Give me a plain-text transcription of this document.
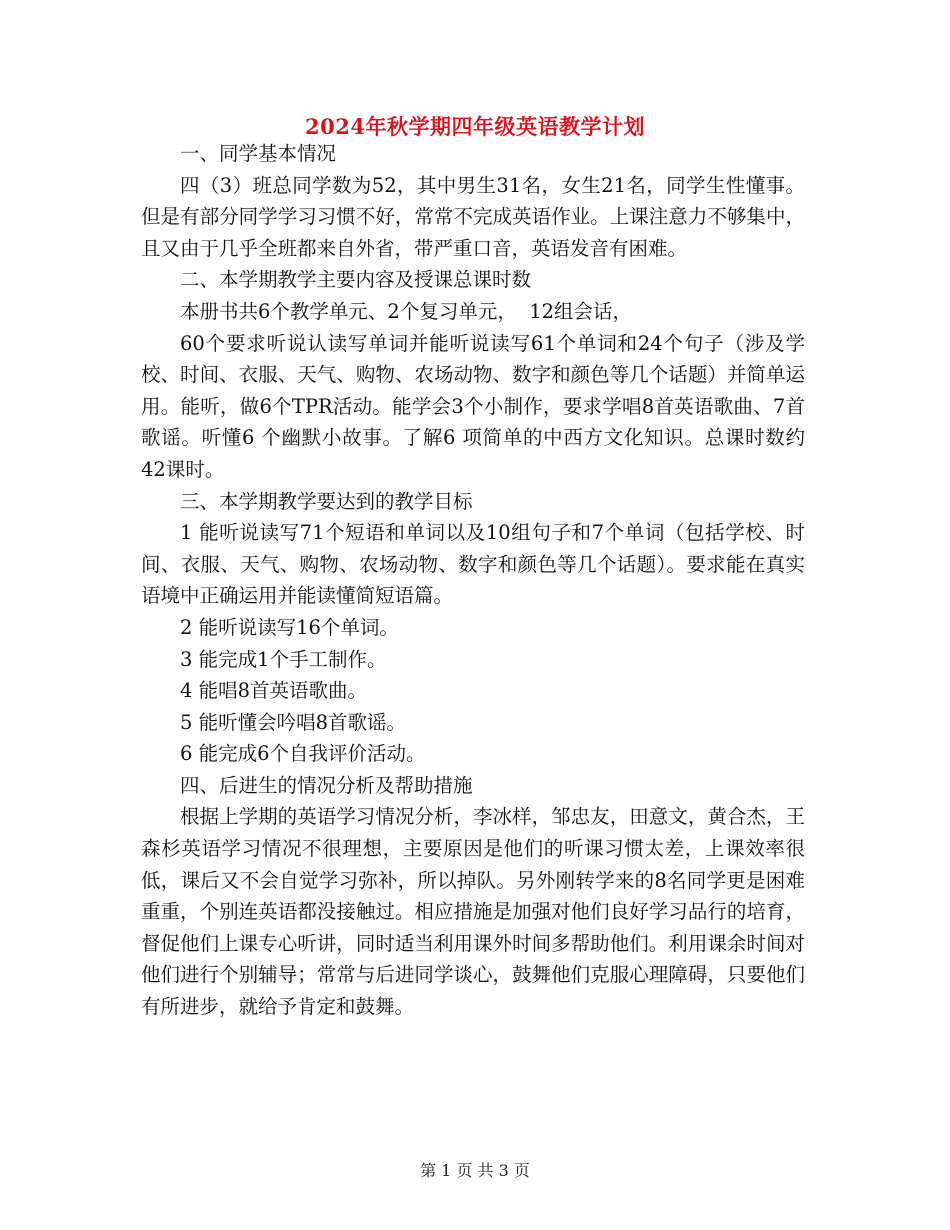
2024年秋学期四年级英语教学计划

一、同学基本情况

四（3）班总同学数为52，其中男生31名，女生21名，同学生性懂事。但是有部分同学学习习惯不好，常常不完成英语作业。上课注意力不够集中，且又由于几乎全班都来自外省，带严重口音，英语发音有困难。

二、本学期教学主要内容及授课总课时数

本册书共6个教学单元、2个复习单元，  12组会话，

60个要求听说认读写单词并能听说读写61个单词和24个句子（涉及学校、时间、衣服、天气、购物、农场动物、数字和颜色等几个话题）并简单运用。能听，做6个TPR活动。能学会3个小制作，要求学唱8首英语歌曲、7首歌谣。听懂6 个幽默小故事。了解6 项简单的中西方文化知识。总课时数约42课时。

三、本学期教学要达到的教学目标

1 能听说读写71个短语和单词以及10组句子和7个单词（包括学校、时间、衣服、天气、购物、农场动物、数字和颜色等几个话题）。要求能在真实语境中正确运用并能读懂简短语篇。

2 能听说读写16个单词。

3 能完成1个手工制作。

4 能唱8首英语歌曲。

5 能听懂会吟唱8首歌谣。

6 能完成6个自我评价活动。

四、后进生的情况分析及帮助措施

根据上学期的英语学习情况分析，李冰样，邹忠友，田意文，黄合杰，王森杉英语学习情况不很理想，主要原因是他们的听课习惯太差，上课效率很低，课后又不会自觉学习弥补，所以掉队。另外刚转学来的8名同学更是困难重重，个别连英语都没接触过。相应措施是加强对他们良好学习品行的培育，督促他们上课专心听讲，同时适当利用课外时间多帮助他们。利用课余时间对他们进行个别辅导；常常与后进同学谈心，鼓舞他们克服心理障碍，只要他们有所进步，就给予肯定和鼓舞。

第 1 页 共 3 页
